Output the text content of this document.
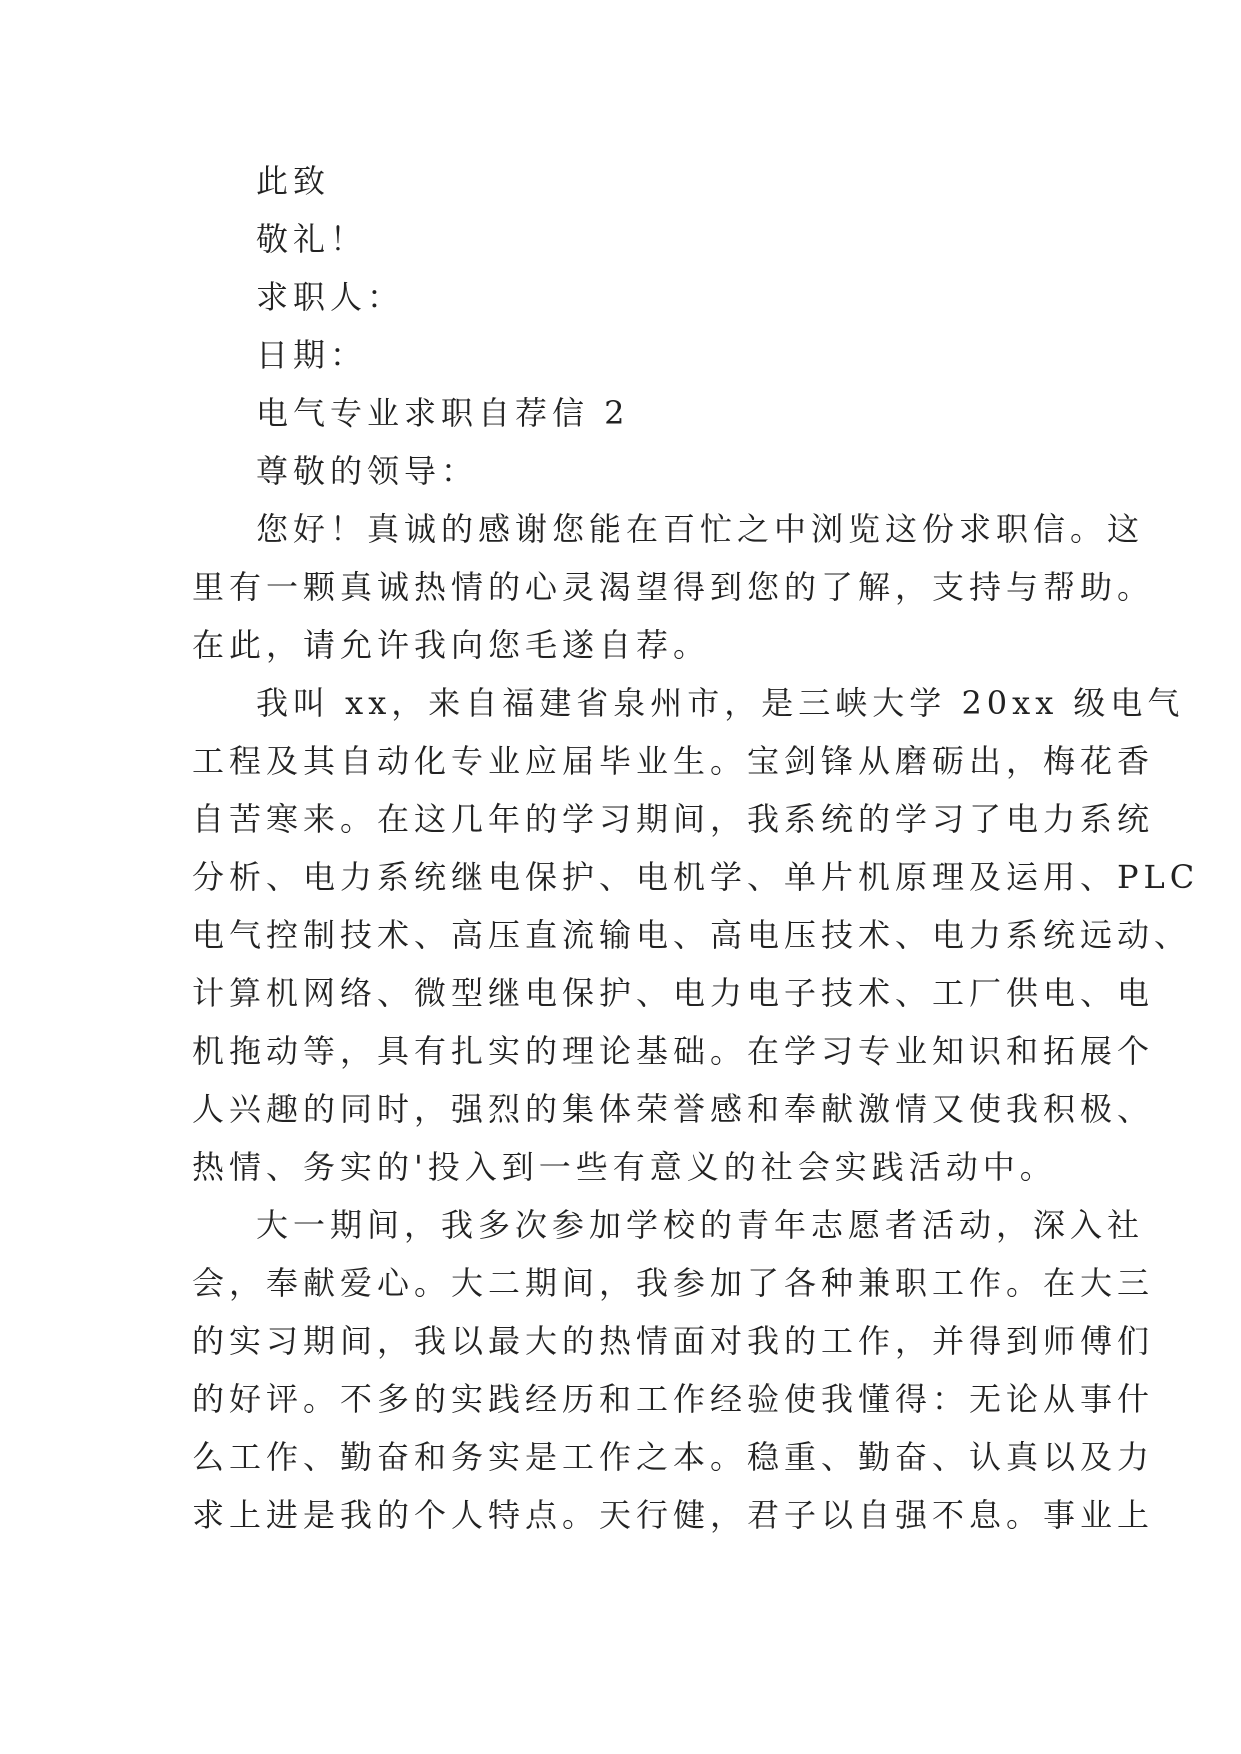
此致
敬礼！
求职人：
日期：
电气专业求职自荐信 2
尊敬的领导：
您好！真诚的感谢您能在百忙之中浏览这份求职信。这
里有一颗真诚热情的心灵渴望得到您的了解，支持与帮助。
在此，请允许我向您毛遂自荐。
我叫 xx，来自福建省泉州市，是三峡大学 20xx 级电气
工程及其自动化专业应届毕业生。宝剑锋从磨砺出，梅花香
自苦寒来。在这几年的学习期间，我系统的学习了电力系统
分析、电力系统继电保护、电机学、单片机原理及运用、PLC
电气控制技术、高压直流输电、高电压技术、电力系统远动、
计算机网络、微型继电保护、电力电子技术、工厂供电、电
机拖动等，具有扎实的理论基础。在学习专业知识和拓展个
人兴趣的同时，强烈的集体荣誉感和奉献激情又使我积极、
热情、务实的'投入到一些有意义的社会实践活动中。
大一期间，我多次参加学校的青年志愿者活动，深入社
会，奉献爱心。大二期间，我参加了各种兼职工作。在大三
的实习期间，我以最大的热情面对我的工作，并得到师傅们
的好评。不多的实践经历和工作经验使我懂得：无论从事什
么工作、勤奋和务实是工作之本。稳重、勤奋、认真以及力
求上进是我的个人特点。天行健，君子以自强不息。事业上
